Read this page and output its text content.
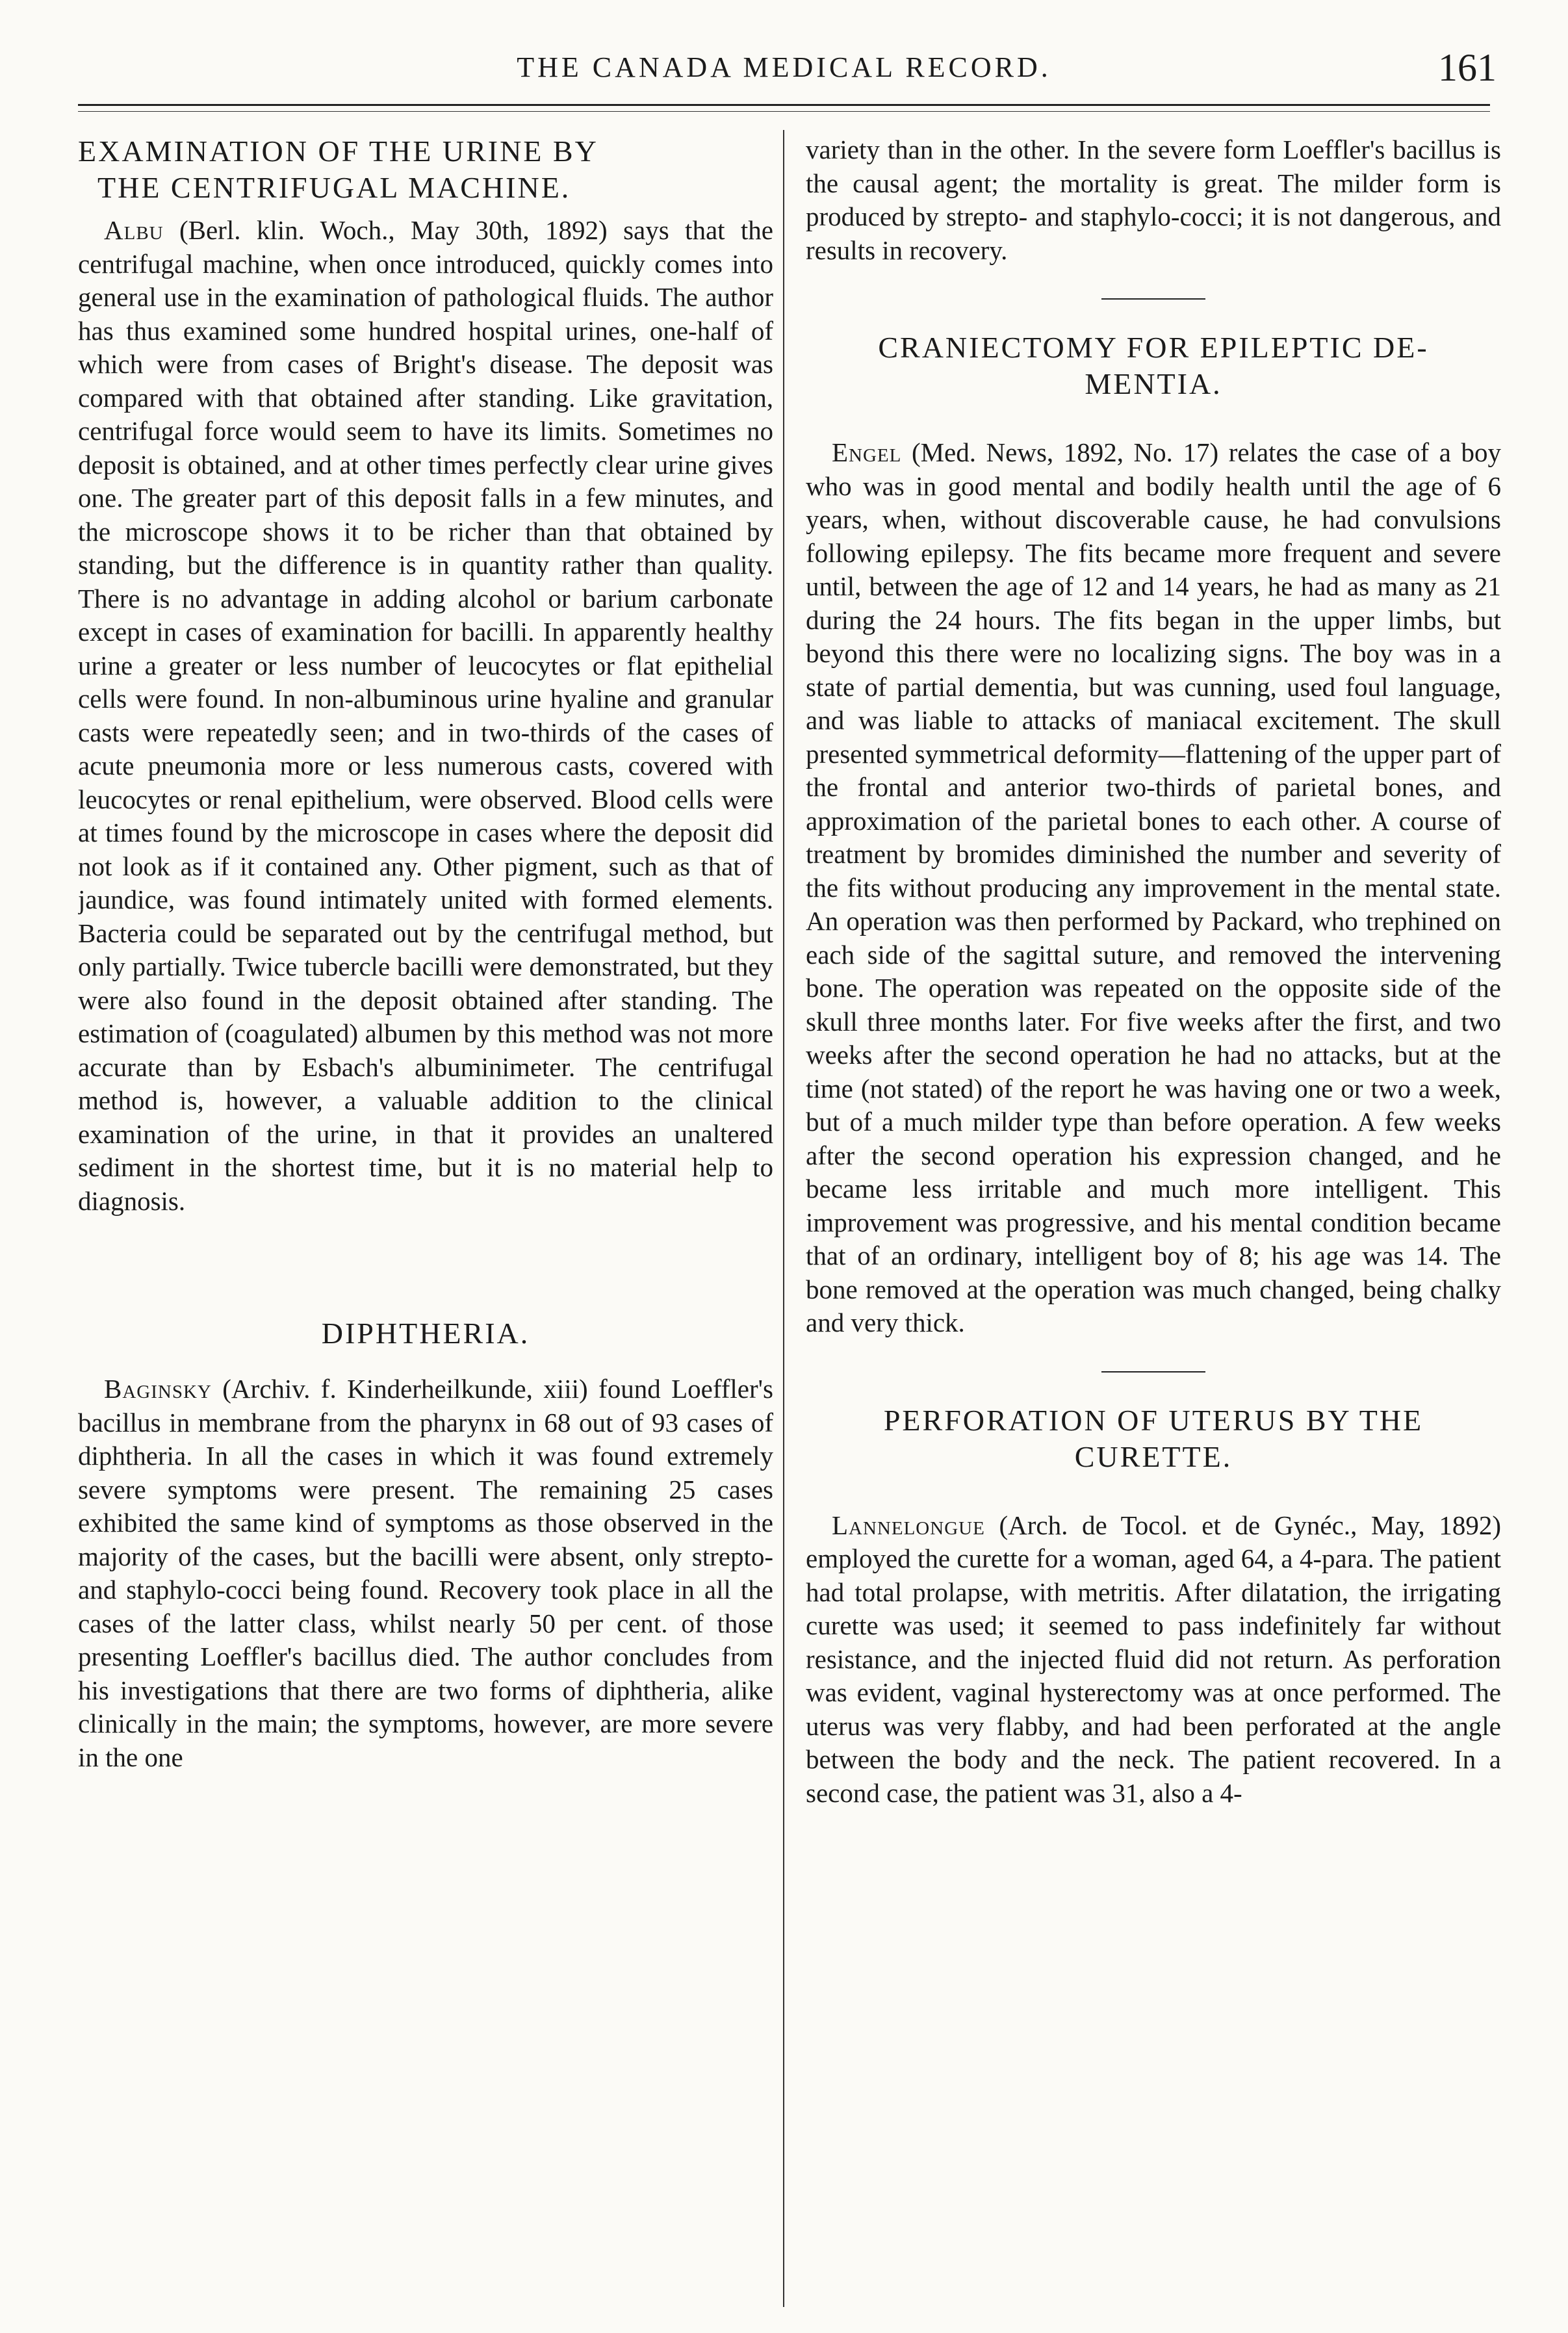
THE CANADA MEDICAL RECORD.	161
EXAMINATION OF THE URINE BY
THE CENTRIFUGAL MACHINE.

Albu (Berl. klin. Woch., May 30th, 1892) says that the centrifugal machine, when once introduced, quickly comes into general use in the examination of pathological fluids. The author has thus examined some hundred hospital urines, one-half of which were from cases of Bright's disease. The deposit was compared with that obtained after standing. Like gravitation, centrifugal force would seem to have its limits. Sometimes no deposit is obtained, and at other times perfectly clear urine gives one. The greater part of this deposit falls in a few minutes, and the microscope shows it to be richer than that obtained by standing, but the difference is in quantity rather than quality. There is no advantage in adding alcohol or barium carbonate except in cases of examination for bacilli. In apparently healthy urine a greater or less number of leucocytes or flat epithelial cells were found. In non-albuminous urine hyaline and granular casts were repeatedly seen; and in two-thirds of the cases of acute pneumonia more or less numerous casts, covered with leucocytes or renal epithelium, were observed. Blood cells were at times found by the microscope in cases where the deposit did not look as if it contained any. Other pigment, such as that of jaundice, was found intimately united with formed elements. Bacteria could be separated out by the centrifugal method, but only partially. Twice tubercle bacilli were demonstrated, but they were also found in the deposit obtained after standing. The estimation of (coagulated) albumen by this method was not more accurate than by Esbach's albuminimeter. The centrifugal method is, however, a valuable addition to the clinical examination of the urine, in that it provides an unaltered sediment in the shortest time, but it is no material help to diagnosis.

DIPHTHERIA.

Baginsky (Archiv. f. Kinderheilkunde, xiii) found Loeffler's bacillus in membrane from the pharynx in 68 out of 93 cases of diphtheria. In all the cases in which it was found extremely severe symptoms were present. The remaining 25 cases exhibited the same kind of symptoms as those observed in the majority of the cases, but the bacilli were absent, only strepto- and staphylo-cocci being found. Recovery took place in all the cases of the latter class, whilst nearly 50 per cent. of those presenting Loeffler's bacillus died. The author concludes from his investigations that there are two forms of diphtheria, alike clinically in the main; the symptoms, however, are more severe in the one

variety than in the other. In the severe form Loeffler's bacillus is the causal agent; the mortality is great. The milder form is produced by strepto- and staphylo-cocci; it is not dangerous, and results in recovery.

CRANIECTOMY FOR EPILEPTIC DE-
MENTIA.

Engel (Med. News, 1892, No. 17) relates the case of a boy who was in good mental and bodily health until the age of 6 years, when, without discoverable cause, he had convulsions following epilepsy. The fits became more frequent and severe until, between the age of 12 and 14 years, he had as many as 21 during the 24 hours. The fits began in the upper limbs, but beyond this there were no localizing signs. The boy was in a state of partial dementia, but was cunning, used foul language, and was liable to attacks of maniacal excitement. The skull presented symmetrical deformity—flattening of the upper part of the frontal and anterior two-thirds of parietal bones, and approximation of the parietal bones to each other. A course of treatment by bromides diminished the number and severity of the fits without producing any improvement in the mental state. An operation was then performed by Packard, who trephined on each side of the sagittal suture, and removed the intervening bone. The operation was repeated on the opposite side of the skull three months later. For five weeks after the first, and two weeks after the second operation he had no attacks, but at the time (not stated) of the report he was having one or two a week, but of a much milder type than before operation. A few weeks after the second operation his expression changed, and he became less irritable and much more intelligent. This improvement was progressive, and his mental condition became that of an ordinary, intelligent boy of 8; his age was 14. The bone removed at the operation was much changed, being chalky and very thick.

PERFORATION OF UTERUS BY THE
CURETTE.

Lannelongue (Arch. de Tocol. et de Gynéc., May, 1892) employed the curette for a woman, aged 64, a 4-para. The patient had total prolapse, with metritis. After dilatation, the irrigating curette was used; it seemed to pass indefinitely far without resistance, and the injected fluid did not return. As perforation was evident, vaginal hysterectomy was at once performed. The uterus was very flabby, and had been perforated at the angle between the body and the neck. The patient recovered. In a second case, the patient was 31, also a 4-
